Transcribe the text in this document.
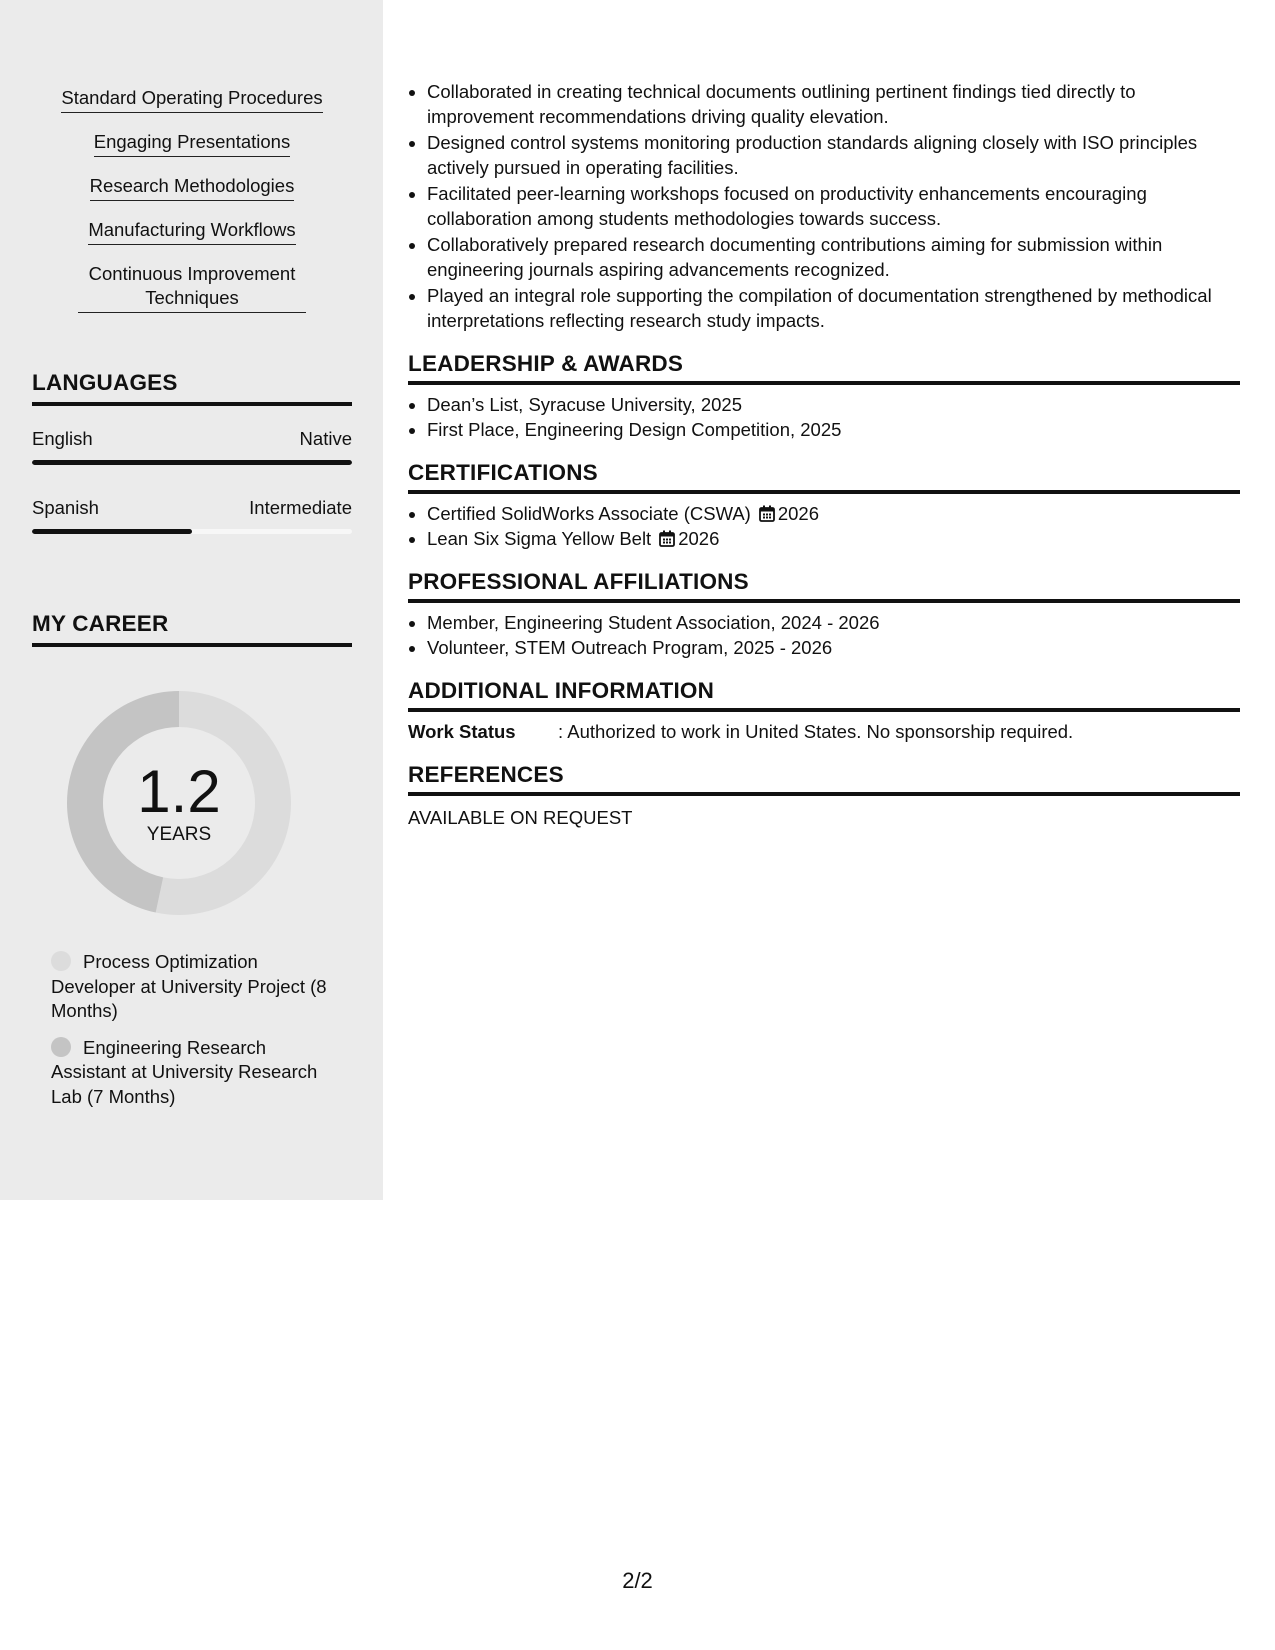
Standard Operating Procedures
Engaging Presentations
Research Methodologies
Manufacturing Workflows
Continuous Improvement Techniques
LANGUAGES
English	Native
Spanish	Intermediate
MY CAREER
1.2
YEARS
Process Optimization Developer at University Project (8 Months)
Engineering Research Assistant at University Research Lab (7 Months)
• Collaborated in creating technical documents outlining pertinent findings tied directly to improvement recommendations driving quality elevation.
• Designed control systems monitoring production standards aligning closely with ISO principles actively pursued in operating facilities.
• Facilitated peer-learning workshops focused on productivity enhancements encouraging collaboration among students methodologies towards success.
• Collaboratively prepared research documenting contributions aiming for submission within engineering journals aspiring advancements recognized.
• Played an integral role supporting the compilation of documentation strengthened by methodical interpretations reflecting research study impacts.
LEADERSHIP & AWARDS
• Dean’s List, Syracuse University, 2025
• First Place, Engineering Design Competition, 2025
CERTIFICATIONS
• Certified SolidWorks Associate (CSWA) 2026
• Lean Six Sigma Yellow Belt 2026
PROFESSIONAL AFFILIATIONS
• Member, Engineering Student Association, 2024 - 2026
• Volunteer, STEM Outreach Program, 2025 - 2026
ADDITIONAL INFORMATION
Work Status	: Authorized to work in United States. No sponsorship required.
REFERENCES
AVAILABLE ON REQUEST
2/2
